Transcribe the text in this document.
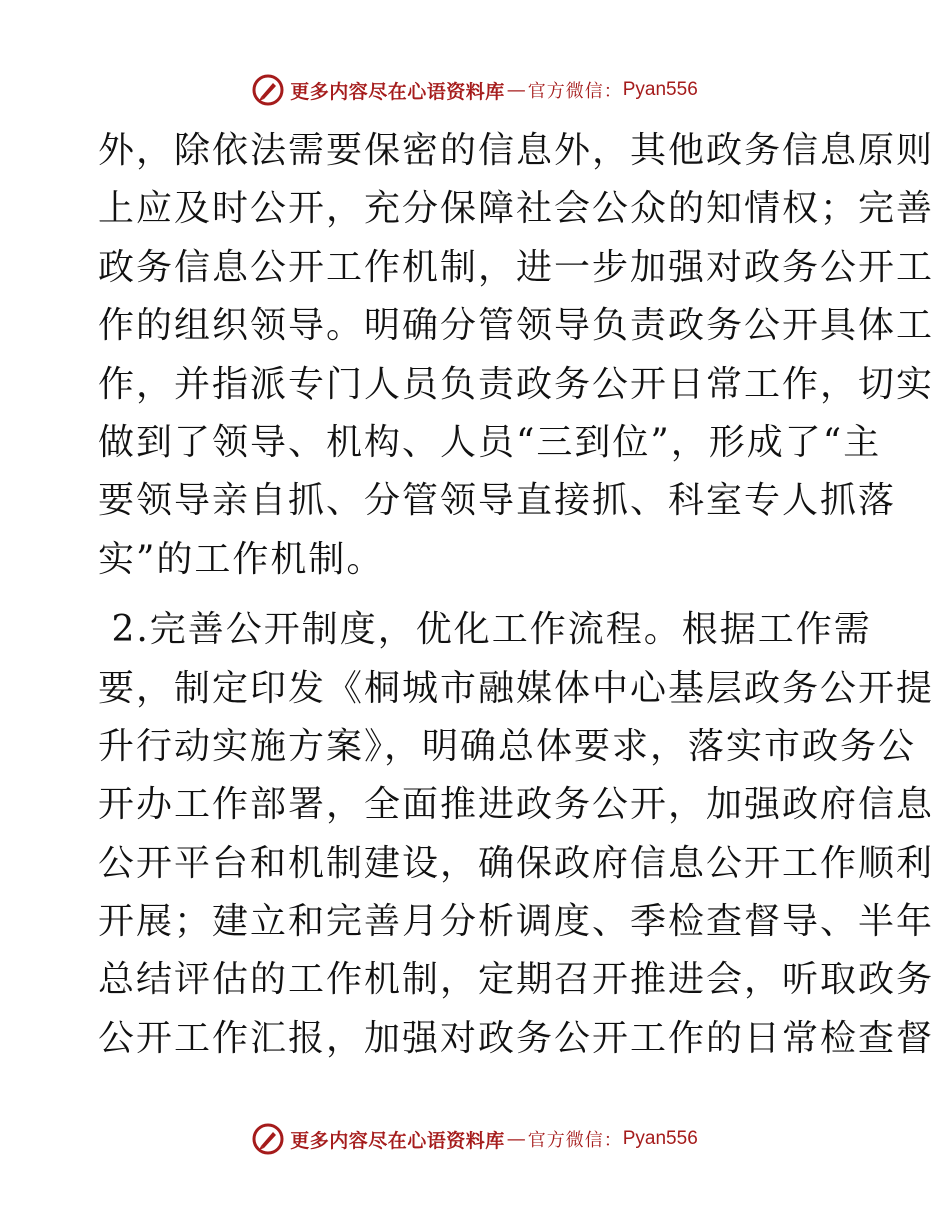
更多内容尽在心语资料库 — 官方微信： Pyan556
外，除依法需要保密的信息外，其他政务信息原则
上应及时公开，充分保障社会公众的知情权；完善
政务信息公开工作机制，进一步加强对政务公开工
作的组织领导。明确分管领导负责政务公开具体工
作，并指派专门人员负责政务公开日常工作，切实
做到了领导、机构、人员“三到位”，形成了“主
要领导亲自抓、分管领导直接抓、科室专人抓落
实”的工作机制。
2.完善公开制度，优化工作流程。根据工作需
要，制定印发《桐城市融媒体中心基层政务公开提
升行动实施方案》，明确总体要求，落实市政务公
开办工作部署，全面推进政务公开，加强政府信息
公开平台和机制建设，确保政府信息公开工作顺利
开展；建立和完善月分析调度、季检查督导、半年
总结评估的工作机制，定期召开推进会，听取政务
公开工作汇报，加强对政务公开工作的日常检查督
更多内容尽在心语资料库 — 官方微信： Pyan556
